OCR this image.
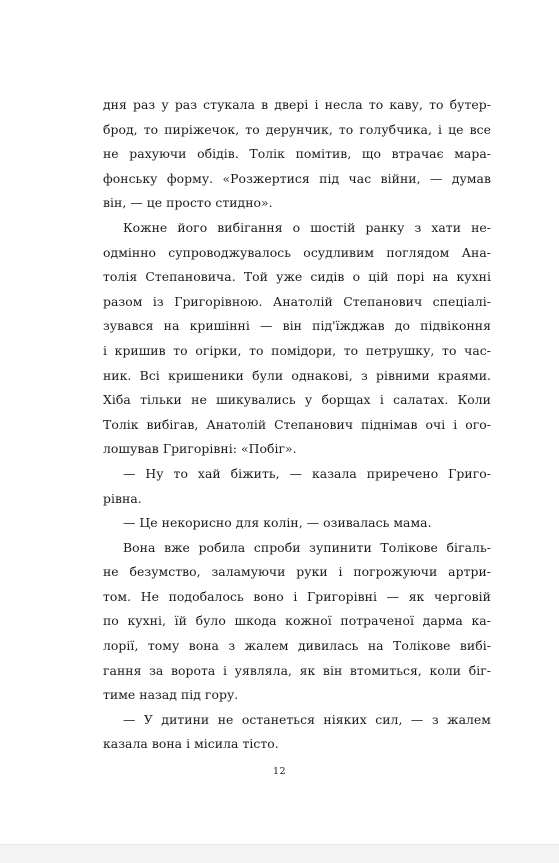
дня раз у раз стукала в двері і несла то каву, то бутер-
брод, то пиріжечок, то дерунчик, то голубчика, і це все
не рахуючи обідів. Толік помітив, що втрачає мара-
фонську форму. «Розжертися під час війни, — думав
він, — це просто стидно».
Кожне його вибігання о шостій ранку з хати не-
одмінно супроводжувалось осудливим поглядом Ана-
толія Степановича. Той уже сидів о цій порі на кухні
разом із Григорівною. Анатолій Степанович спеціалі-
зувався на кришінні — він під'їжджав до підвіконня
і кришив то огірки, то помідори, то петрушку, то час-
ник. Всі кришеники були однакові, з рівними краями.
Хіба тільки не шикувались у борщах і салатах. Коли
Толік вибігав, Анатолій Степанович піднімав очі і ого-
лошував Григорівні: «Побіг».
— Ну то хай біжить, — казала приречено Григо-
рівна.
— Це некорисно для колін, — озивалась мама.
Вона вже робила спроби зупинити Толікове бігаль-
не безумство, заламуючи руки і погрожуючи артри-
том. Не подобалось воно і Григорівні — як черговій
по кухні, їй було шкода кожної потраченої дарма ка-
лорії, тому вона з жалем дивилась на Толікове вибі-
гання за ворота і уявляла, як він втомиться, коли біг-
тиме назад під гору.
— У дитини не останеться ніяких сил, — з жалем
казала вона і місила тісто.
12
